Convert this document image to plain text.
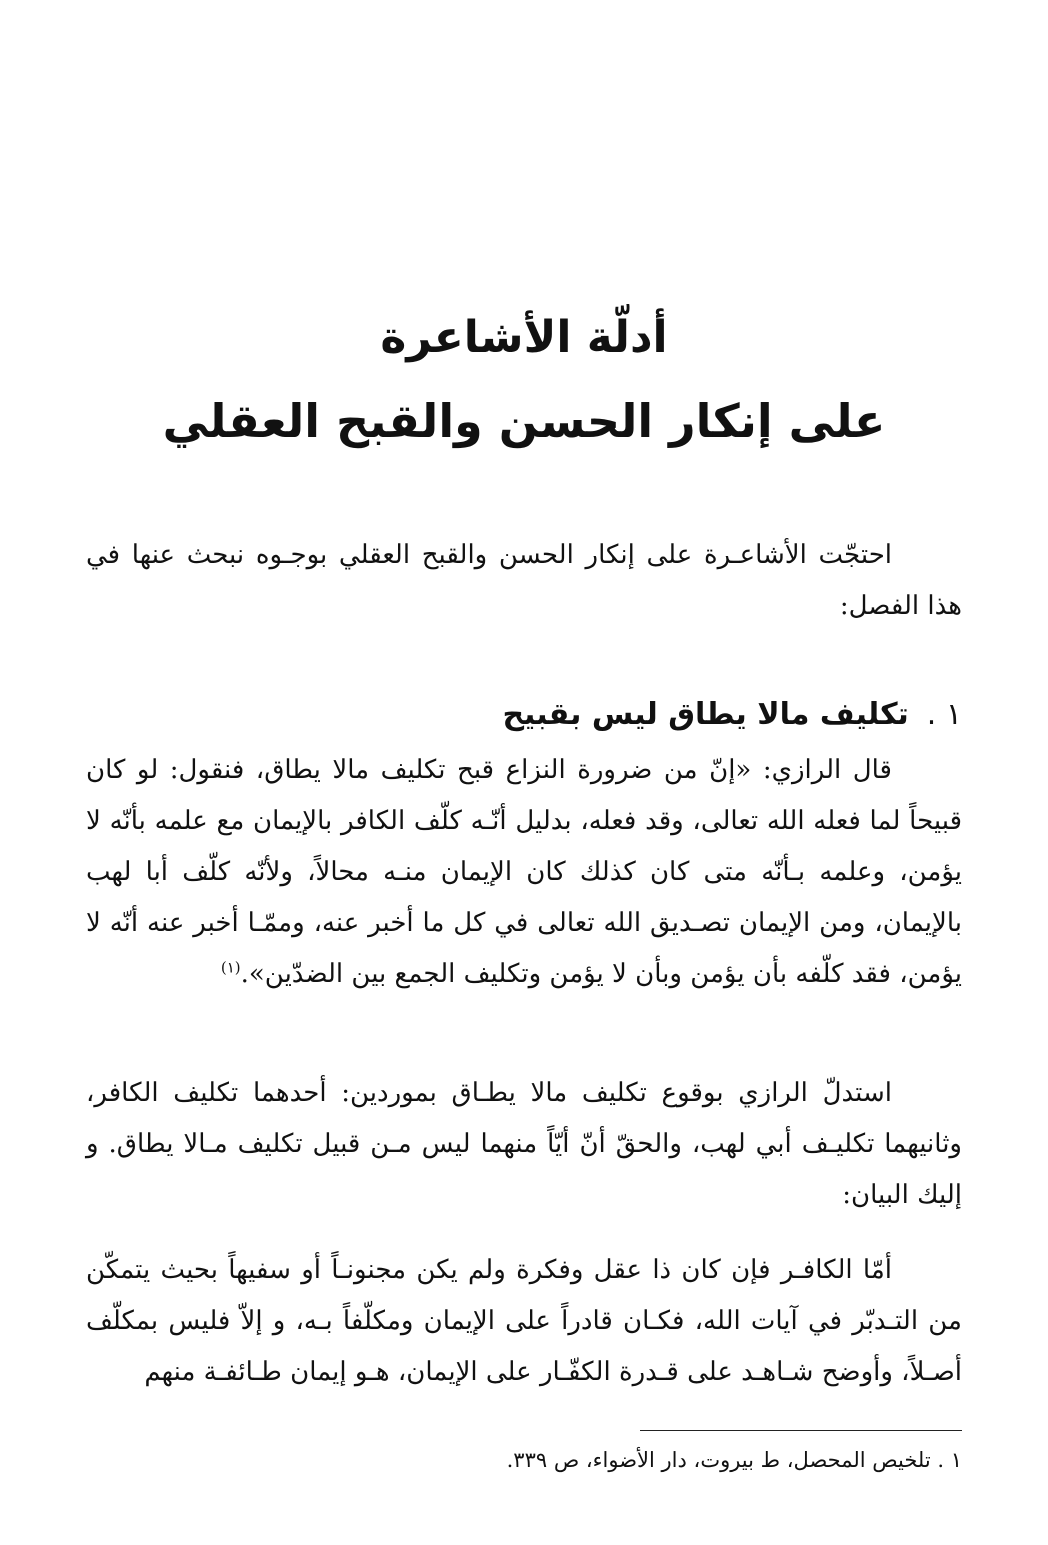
أدلّة الأشاعرة
على إنكار الحسن والقبح العقلي

احتجّت الأشاعـرة على إنكار الحسن والقبح العقلي بوجـوه نبحث عنها في هذا الفصل:

١ .تكليف مالا يطاق ليس بقبيح

قال الرازي: «إنّ من ضرورة النزاع قبح تكليف مالا يطاق، فنقول: لو كان قبيحاً لما فعله الله تعالى، وقد فعله، بدليل أنّـه كلّف الكافر بالإيمان مع علمه بأنّه لا يؤمن، وعلمه بـأنّه متى كان كذلك كان الإيمان منـه محالاً، ولأنّه كلّف أبا لهب بالإيمان، ومن الإيمان تصـديق الله تعالى في كل ما أخبر عنه، وممّـا أخبر عنه أنّه لا يؤمن، فقد كلّفه بأن يؤمن وبأن لا يؤمن وتكليف الجمع بين الضدّين».$^{(١)}$

استدلّ الرازي بوقوع تكليف مالا يطـاق بموردين: أحدهما تكليف الكافر، وثانيهما تكليـف أبي لهب، والحقّ أنّ أيّاً منهما ليس مـن قبيل تكليف مـالا يطاق. و إليك البيان:

أمّا الكافـر فإن كان ذا عقل وفكرة ولم يكن مجنونـاً أو سفيهاً بحيث يتمكّن من التـدبّر في آيات الله، فكـان قادراً على الإيمان ومكلّفاً بـه، و إلاّ فليس بمكلّف أصـلاً، وأوضح شـاهـد على قـدرة الكفّـار على الإيمان، هـو إيمان طـائفـة منهم

١ . تلخيص المحصل، ط بيروت، دار الأضواء، ص ٣٣٩.
